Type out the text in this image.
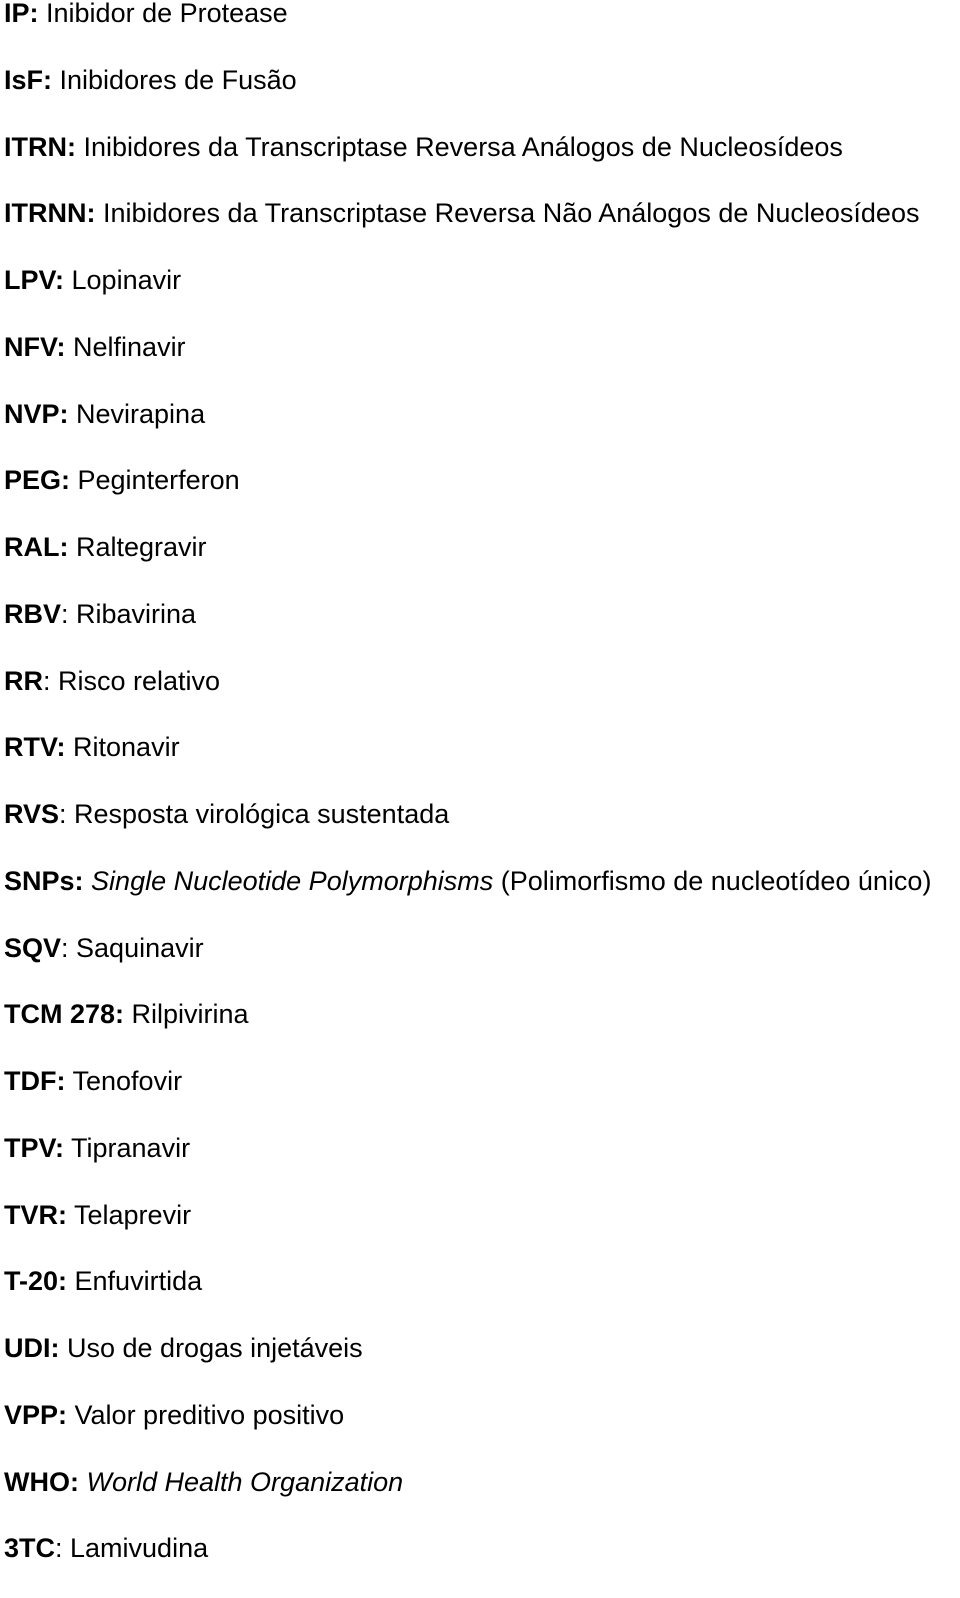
IP: Inibidor de Protease
IsF: Inibidores de Fusão
ITRN: Inibidores da Transcriptase Reversa Análogos de Nucleosídeos
ITRNN: Inibidores da Transcriptase Reversa Não Análogos de Nucleosídeos
LPV: Lopinavir
NFV: Nelfinavir
NVP: Nevirapina
PEG: Peginterferon
RAL: Raltegravir
RBV: Ribavirina
RR: Risco relativo
RTV: Ritonavir
RVS: Resposta virológica sustentada
SNPs: Single Nucleotide Polymorphisms (Polimorfismo de nucleotídeo único)
SQV: Saquinavir
TCM 278: Rilpivirina
TDF: Tenofovir
TPV: Tipranavir
TVR: Telaprevir
T-20: Enfuvirtida
UDI: Uso de drogas injetáveis
VPP: Valor preditivo positivo
WHO: World Health Organization
3TC: Lamivudina
